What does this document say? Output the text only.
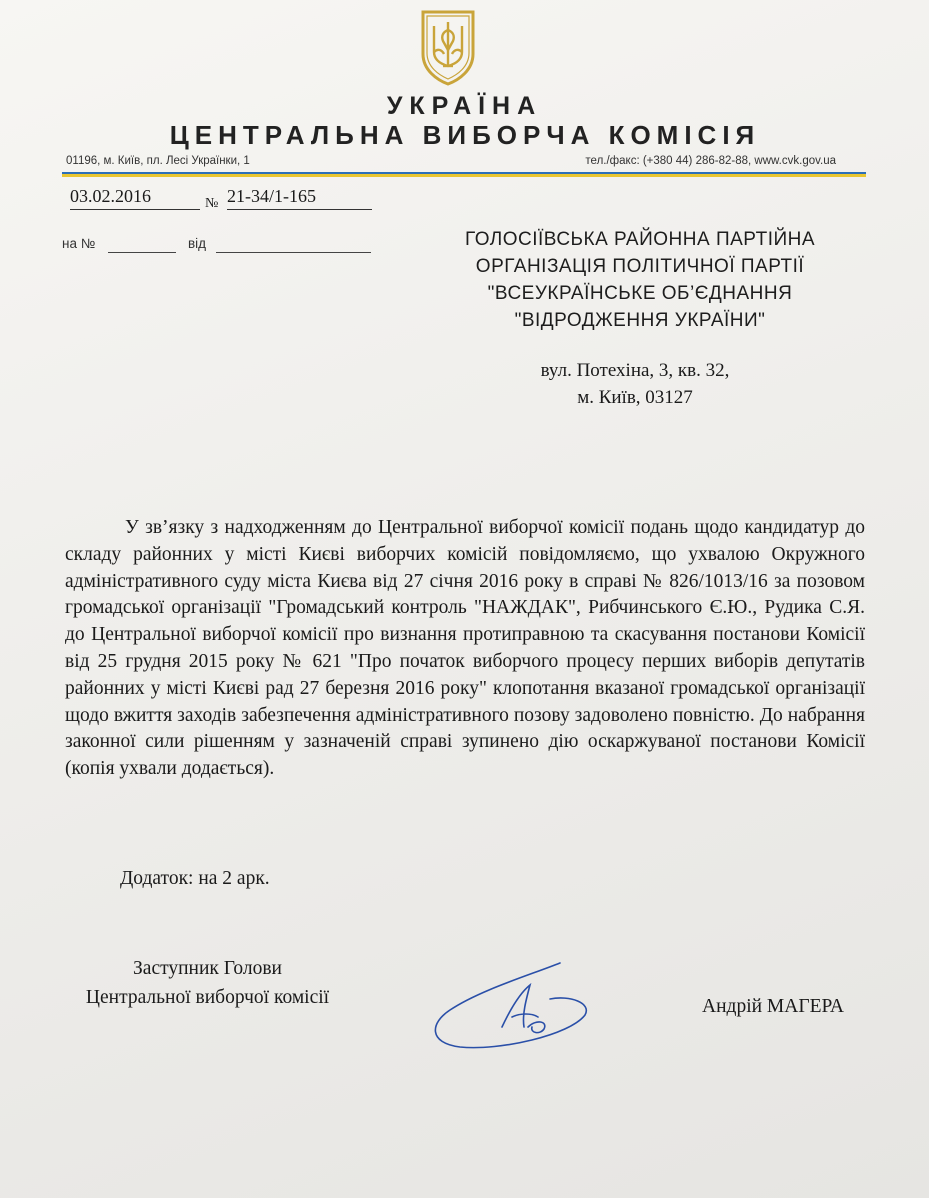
УКРАЇНА
ЦЕНТРАЛЬНА ВИБОРЧА КОМІСІЯ
01196, м. Київ, пл. Лесі Українки, 1	тел./факс: (+380 44) 286-82-88, www.cvk.gov.ua
03.02.2016	№ 21-34/1-165
на №	від	ГОЛОСІЇВСЬКА РАЙОННА ПАРТІЙНА
ОРГАНІЗАЦІЯ ПОЛІТИЧНОЇ ПАРТІЇ
"ВСЕУКРАЇНСЬКЕ ОБ’ЄДНАННЯ
"ВІДРОДЖЕННЯ УКРАЇНИ"
вул. Потехіна, 3, кв. 32,
м. Київ, 03127
У зв’язку з надходженням до Центральної виборчої комісії подань щодо кандидатур до складу районних у місті Києві виборчих комісій повідомляємо, що ухвалою Окружного адміністративного суду міста Києва від 27 січня 2016 року в справі № 826/1013/16 за позовом громадської організації "Громадський контроль "НАЖДАК", Рибчинського Є.Ю., Рудика С.Я. до Центральної виборчої комісії про визнання протиправною та скасування постанови Комісії від 25 грудня 2015 року № 621 "Про початок виборчого процесу перших виборів депутатів районних у місті Києві рад 27 березня 2016 року" клопотання вказаної громадської організації щодо вжиття заходів забезпечення адміністративного позову задоволено повністю. До набрання законної сили рішенням у зазначеній справі зупинено дію оскаржуваної постанови Комісії (копія ухвали додається).
Додаток: на 2 арк.
Заступник Голови
Центральної виборчої комісії	Андрій МАГЕРА
